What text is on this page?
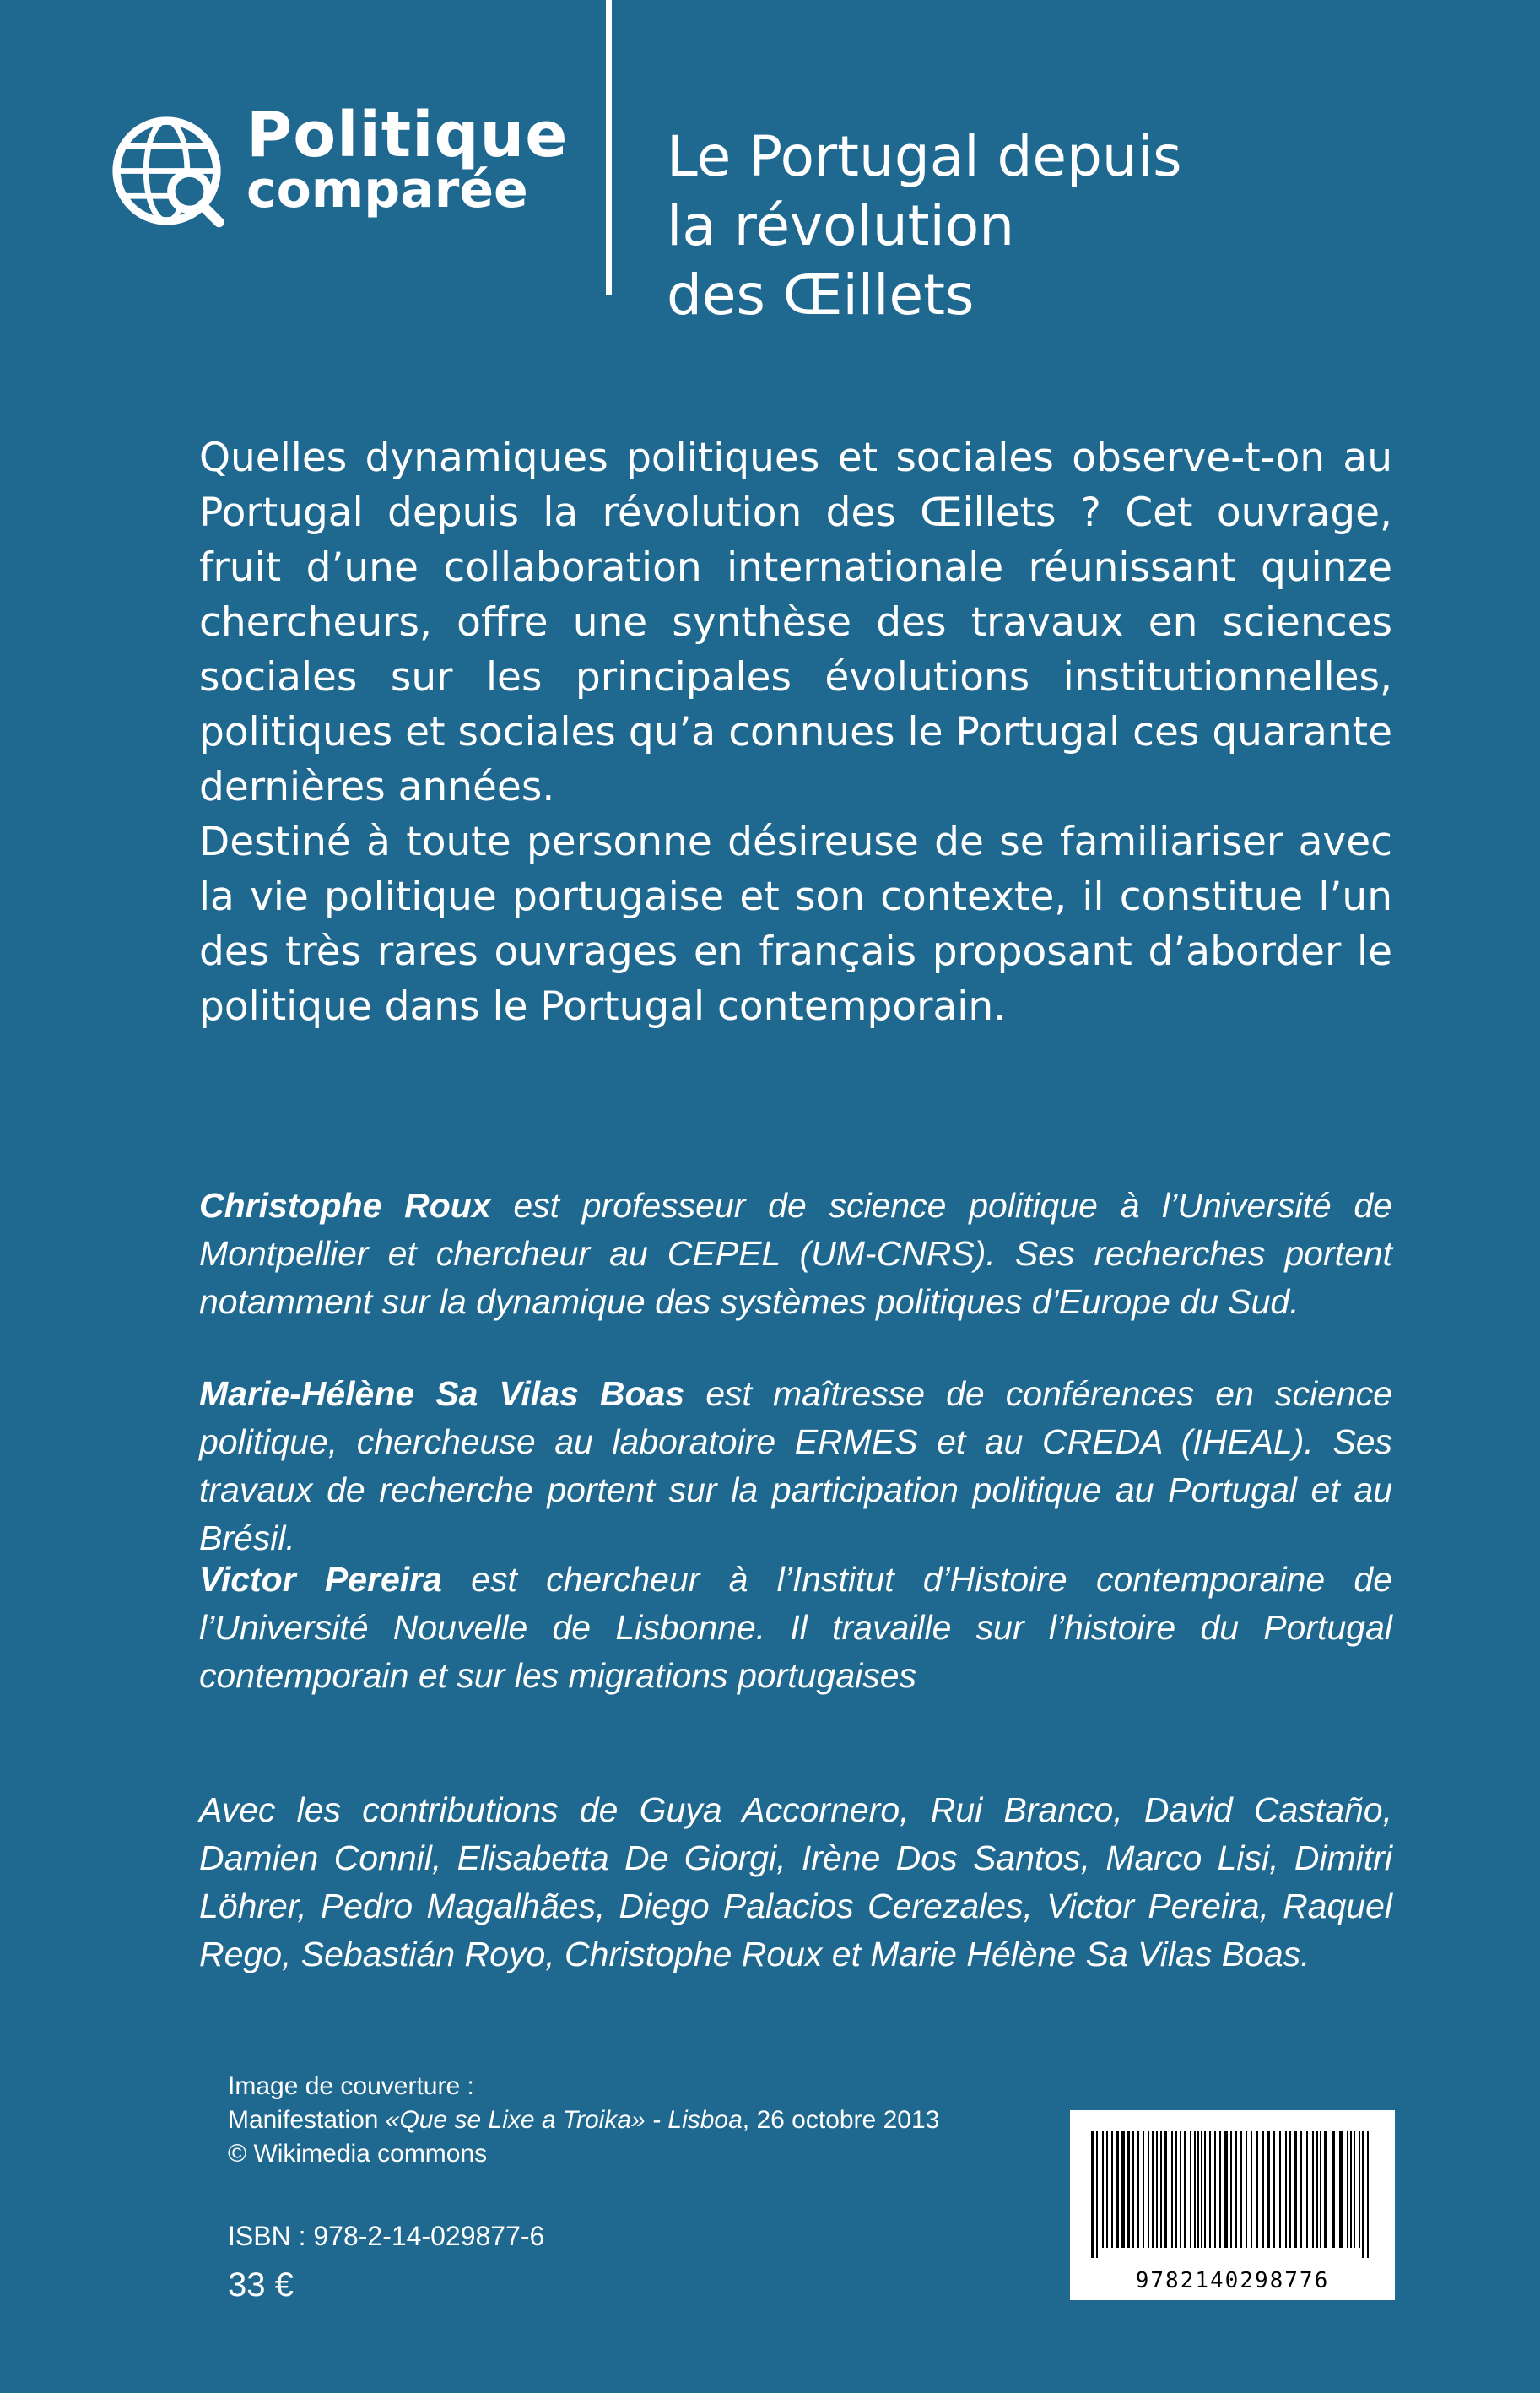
Politique
comparée
Le Portugal depuis
la révolution
des Œillets

Quelles dynamiques politiques et sociales observe-t-on au Portugal depuis la révolution des Œillets ? Cet ouvrage, fruit d’une collaboration internationale réunissant quinze chercheurs, offre une synthèse des travaux en sciences sociales sur les principales évolutions institutionnelles, politiques et sociales qu’a connues le Portugal ces quarante dernières années.

Destiné à toute personne désireuse de se familiariser avec la vie politique portugaise et son contexte, il constitue l’un des très rares ouvrages en français proposant d’aborder le politique dans le Portugal contemporain.

Christophe Roux est professeur de science politique à l’Université de Montpellier et chercheur au CEPEL (UM-CNRS). Ses recherches portent notamment sur la dynamique des systèmes politiques d’Europe du Sud.

Marie-Hélène Sa Vilas Boas est maîtresse de conférences en science politique, chercheuse au laboratoire ERMES et au CREDA (IHEAL). Ses travaux de recherche portent sur la participation politique au Portugal et au Brésil.

Victor Pereira est chercheur à l’Institut d’Histoire contemporaine de l’Université Nouvelle de Lisbonne. Il travaille sur l’histoire du Portugal contemporain et sur les migrations portugaises

Avec les contributions de Guya Accornero, Rui Branco, David Castaño, Damien Connil, Elisabetta De Giorgi, Irène Dos Santos, Marco Lisi, Dimitri Löhrer, Pedro Magalhães, Diego Palacios Cerezales, Victor Pereira, Raquel Rego, Sebastián Royo, Christophe Roux et Marie Hélène Sa Vilas Boas.

Image de couverture :
Manifestation «Que se Lixe a Troika» - Lisboa, 26 octobre 2013
© Wikimedia commons
ISBN : 978-2-14-029877-6
33 €	9782140298776
